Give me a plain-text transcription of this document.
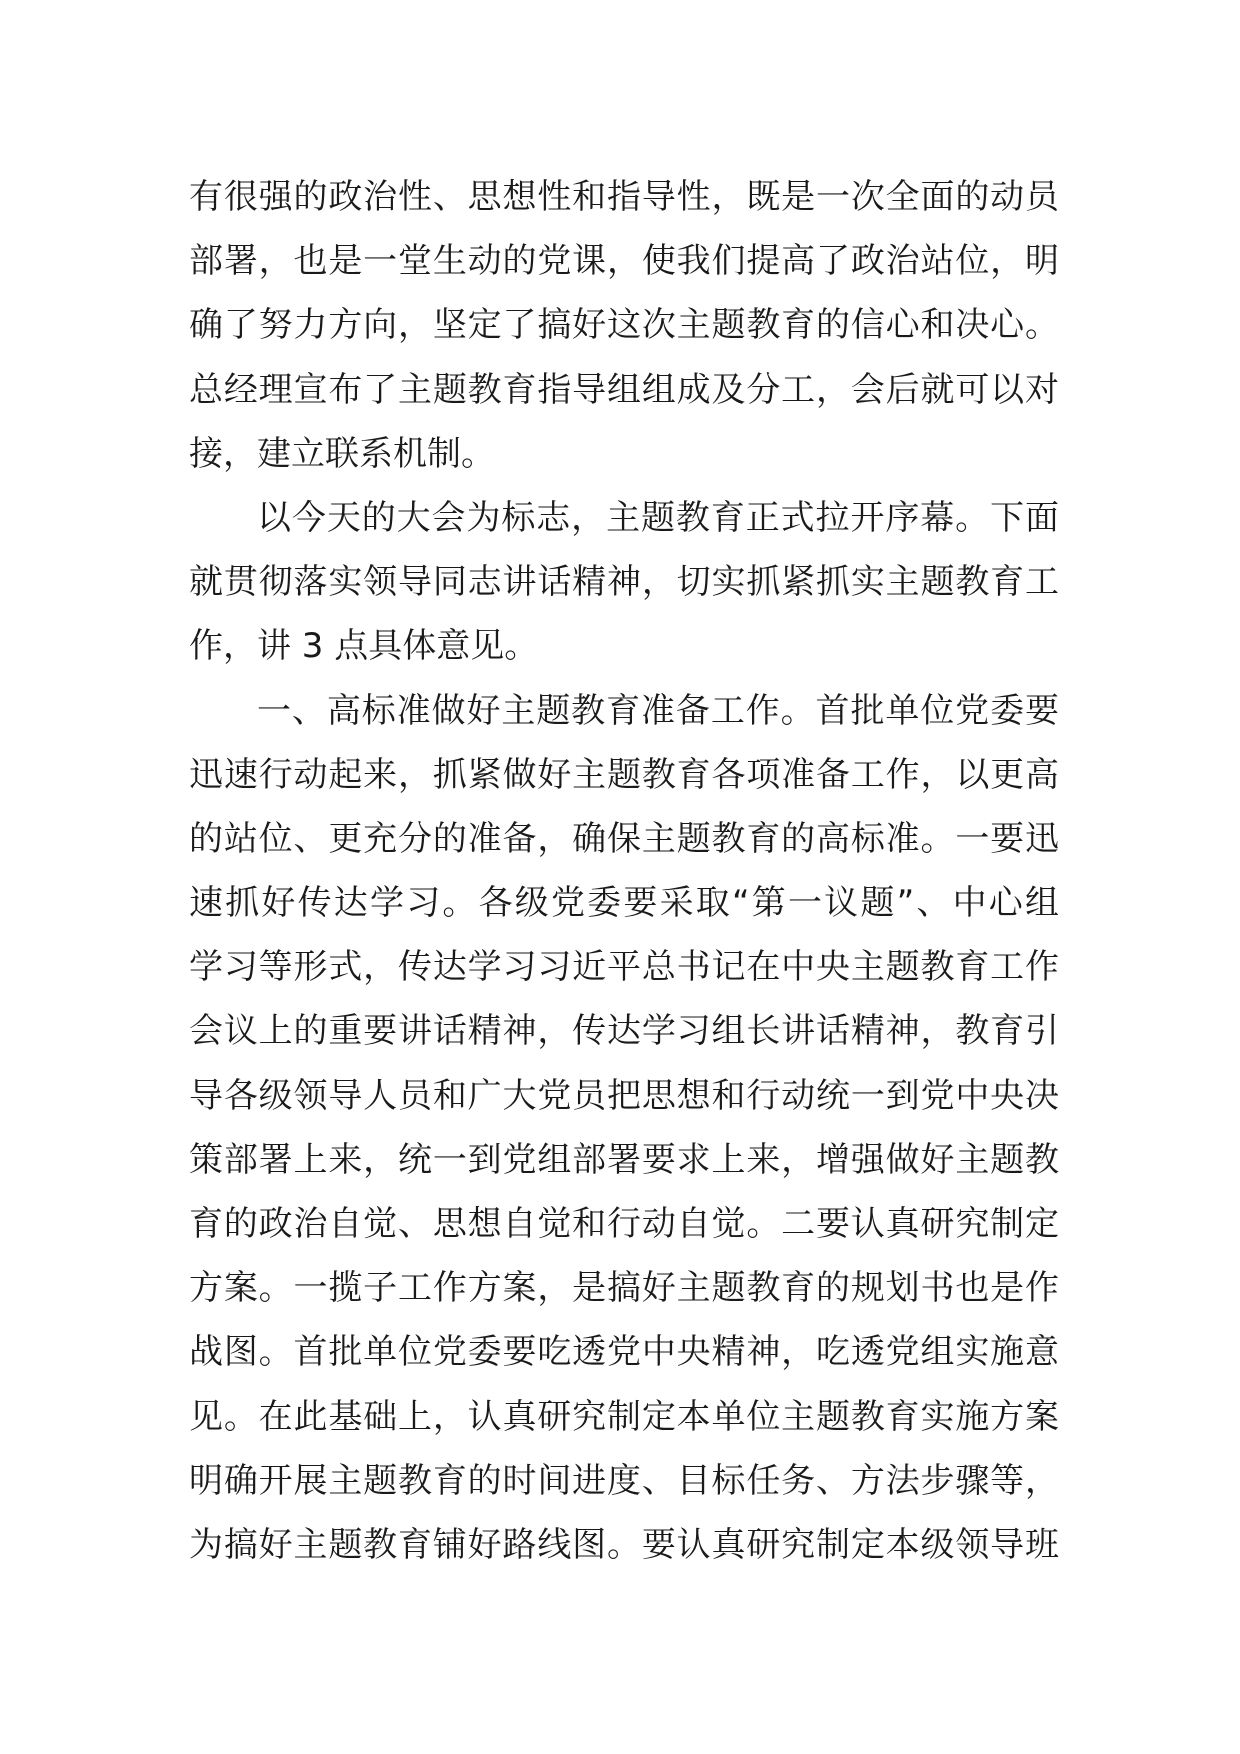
有很强的政治性、思想性和指导性，既是一次全面的动员
部署，也是一堂生动的党课，使我们提高了政治站位，明
确了努力方向，坚定了搞好这次主题教育的信心和决心。
总经理宣布了主题教育指导组组成及分工，会后就可以对
接，建立联系机制。
以今天的大会为标志，主题教育正式拉开序幕。下面
就贯彻落实领导同志讲话精神，切实抓紧抓实主题教育工
作，讲 3 点具体意见。
一、高标准做好主题教育准备工作。首批单位党委要
迅速行动起来，抓紧做好主题教育各项准备工作，以更高
的站位、更充分的准备，确保主题教育的高标准。一要迅
速抓好传达学习。各级党委要采取“第一议题”、中心组
学习等形式，传达学习习近平总书记在中央主题教育工作
会议上的重要讲话精神，传达学习组长讲话精神，教育引
导各级领导人员和广大党员把思想和行动统一到党中央决
策部署上来，统一到党组部署要求上来，增强做好主题教
育的政治自觉、思想自觉和行动自觉。二要认真研究制定
方案。一揽子工作方案，是搞好主题教育的规划书也是作
战图。首批单位党委要吃透党中央精神，吃透党组实施意
见。在此基础上，认真研究制定本单位主题教育实施方案
明确开展主题教育的时间进度、目标任务、方法步骤等，
为搞好主题教育铺好路线图。要认真研究制定本级领导班
